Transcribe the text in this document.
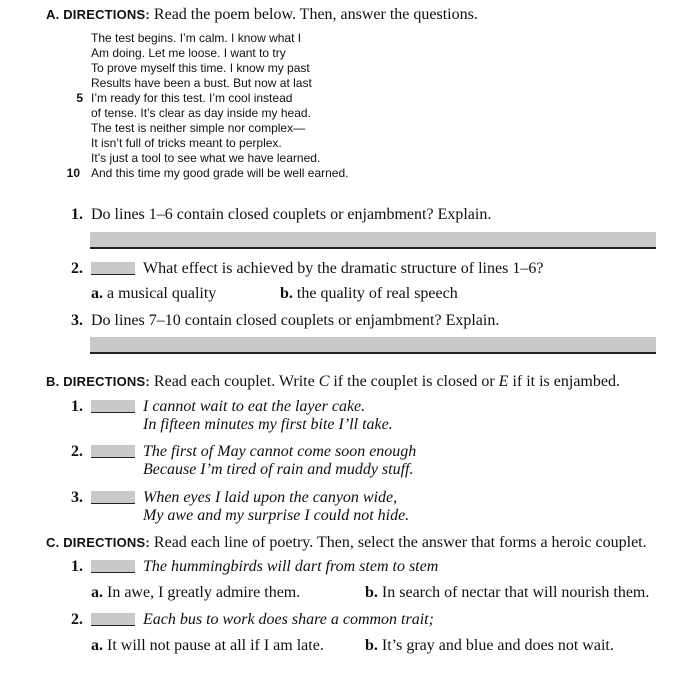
A. DIRECTIONS: Read the poem below. Then, answer the questions.
The test begins. I’m calm. I know what I
Am doing. Let me loose. I want to try
To prove myself this time. I know my past
Results have been a bust. But now at last
5 I’m ready for this test. I’m cool instead
of tense. It’s clear as day inside my head.
The test is neither simple nor complex—
It isn’t full of tricks meant to perplex.
It’s just a tool to see what we have learned.
10 And this time my good grade will be well earned.
1. Do lines 1–6 contain closed couplets or enjambment? Explain.
2.	What effect is achieved by the dramatic structure of lines 1–6?
a. a musical quality	b. the quality of real speech
3. Do lines 7–10 contain closed couplets or enjambment? Explain.
B. DIRECTIONS: Read each couplet. Write C if the couplet is closed or E if it is enjambed.
1.	I cannot wait to eat the layer cake.
In fifteen minutes my first bite I’ll take.
2.	The first of May cannot come soon enough
Because I’m tired of rain and muddy stuff.
3.	When eyes I laid upon the canyon wide,
My awe and my surprise I could not hide.
C. DIRECTIONS: Read each line of poetry. Then, select the answer that forms a heroic couplet.
1.	The hummingbirds will dart from stem to stem
a. In awe, I greatly admire them.	b. In search of nectar that will nourish them.
2.	Each bus to work does share a common trait;
a. It will not pause at all if I am late.	b. It’s gray and blue and does not wait.
